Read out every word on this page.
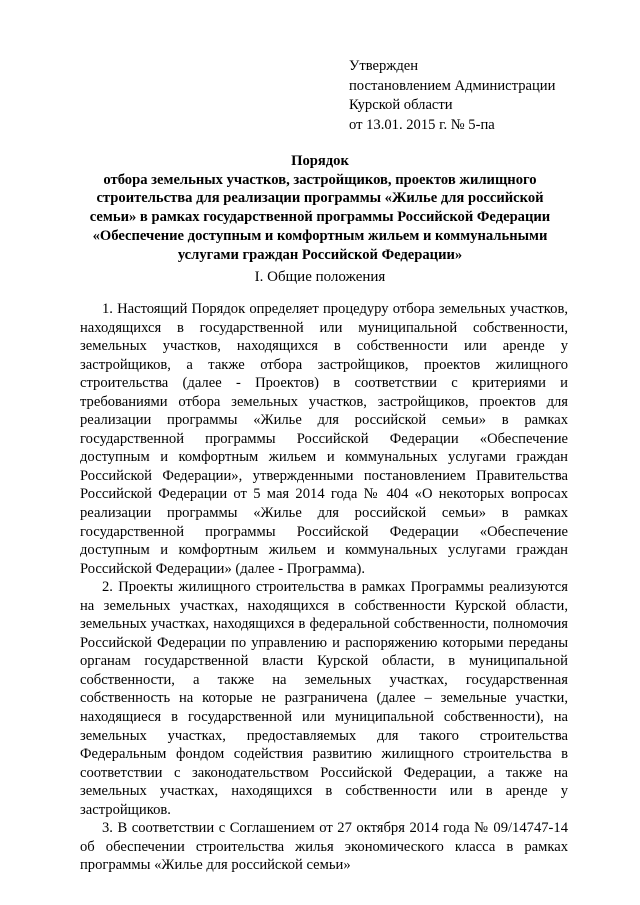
Утвержден
постановлением Администрации
Курской области
от 13.01. 2015 г. № 5-па
Порядок
отбора земельных участков, застройщиков, проектов жилищного
строительства для реализации программы «Жилье для российской
семьи» в рамках государственной программы Российской Федерации
«Обеспечение доступным и комфортным жильем и коммунальными
услугами граждан Российской Федерации»
I. Общие положения

1. Настоящий Порядок определяет процедуру отбора земельных участков, находящихся в государственной или муниципальной собственности, земельных участков, находящихся в собственности или аренде у застройщиков, а также отбора застройщиков, проектов жилищного строительства (далее - Проектов) в соответствии с критериями и требованиями отбора земельных участков, застройщиков, проектов для реализации программы «Жилье для российской семьи» в рамках государственной программы Российской Федерации «Обеспечение доступным и комфортным жильем и коммунальных услугами граждан Российской Федерации», утвержденными постановлением Правительства Российской Федерации от 5 мая 2014 года № 404 «О некоторых вопросах реализации программы «Жилье для российской семьи» в рамках государственной программы Российской Федерации «Обеспечение доступным и комфортным жильем и коммунальных услугами граждан Российской Федерации» (далее - Программа).

2. Проекты жилищного строительства в рамках Программы реализуются на земельных участках, находящихся в собственности Курской области, земельных участках, находящихся в федеральной собственности, полномочия Российской Федерации по управлению и распоряжению которыми переданы органам государственной власти Курской области, в муниципальной собственности, а также на земельных участках, государственная собственность на которые не разграничена (далее – земельные участки, находящиеся в государственной или муниципальной собственности), на земельных участках, предоставляемых для такого строительства Федеральным фондом содействия развитию жилищного строительства в соответствии с законодательством Российской Федерации, а также на земельных участках, находящихся в собственности или в аренде у застройщиков.

3. В соответствии с Соглашением от 27 октября 2014 года № 09/14747-14 об обеспечении строительства жилья экономического класса в рамках программы «Жилье для российской семьи»
